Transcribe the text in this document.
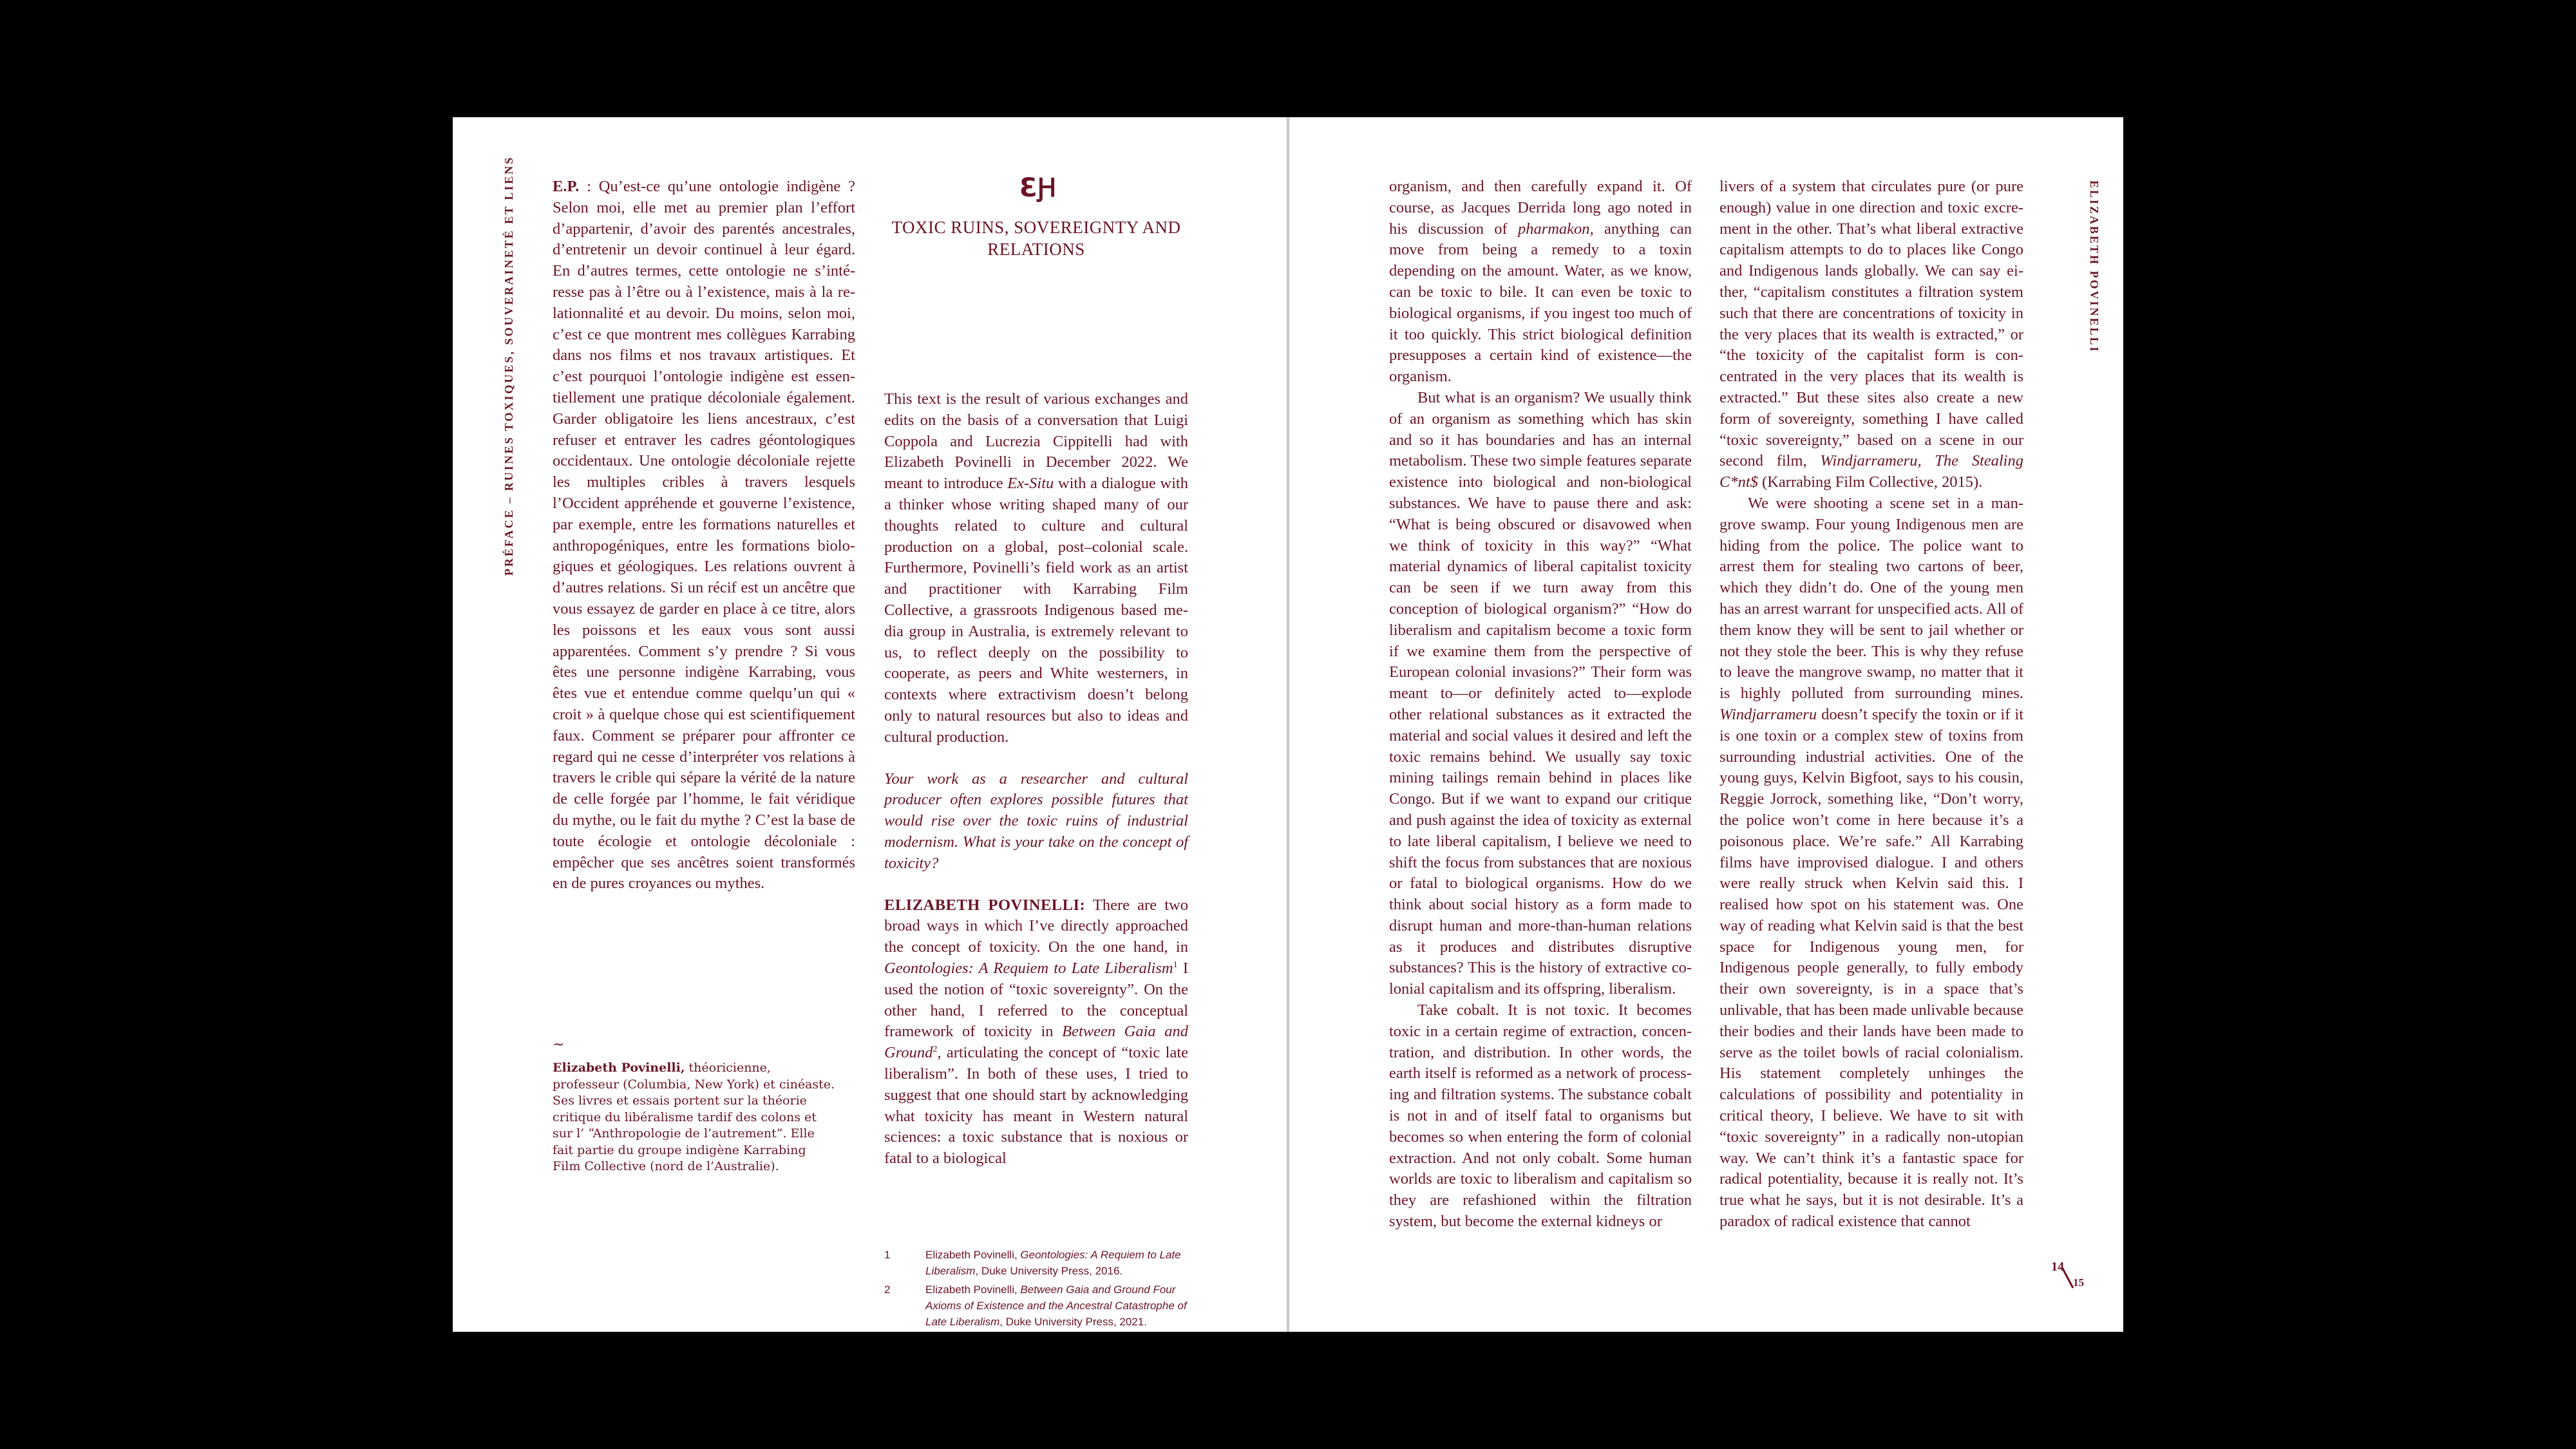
PRÉFACE – RUINES TOXIQUES, SOUVERAINETÉ ET LIENS E.P. : Qu’est-ce qu’une ontologie indigène ? Selon moi, elle met au premier plan l’effort d’appartenir, d’avoir des parentés ancestrales, d’entretenir un devoir continuel à leur égard. En d’autres termes, cette ontologie ne s’intéresse pas à l’être ou à l’existence, mais à la relationnalité et au devoir. Du moins, selon moi, c’est ce que montrent mes collègues Karrabing dans nos films et nos travaux artistiques. Et c’est pourquoi l’ontologie indigène est essentiellement une pratique décoloniale également. Garder obligatoire les liens ancestraux, c’est refuser et entraver les cadres géontologiques occidentaux. Une ontologie décoloniale rejette les multiples cribles à travers lesquels l’Occident appréhende et gouverne l’existence, par exemple, entre les formations naturelles et anthropogéniques, entre les formations biologiques et géologiques. Les relations ouvrent à d’autres relations. Si un récif est un ancêtre que vous essayez de garder en place à ce titre, alors les poissons et les eaux vous sont aussi apparentées. Comment s’y prendre ? Si vous êtes une personne indigène Karrabing, vous êtes vue et entendue comme quelqu’un qui « croit » à quelque chose qui est scientifiquement faux. Comment se préparer pour affronter ce regard qui ne cesse d’interpréter vos relations à travers le crible qui sépare la vérité de la nature de celle forgée par l’homme, le fait véridique du mythe, ou le fait du mythe ? C’est la base de toute écologie et ontologie décoloniale : empêcher que ses ancêtres soient transformés en de pures croyances ou mythes.

~
Elizabeth Povinelli, théoricienne, professeur (Columbia, New York) et cinéaste. Ses livres et essais portent sur la théorie critique du libéralisme tardif des colons et sur l’ “Anthropologie de l’autrement”. Elle fait partie du groupe indigène Karrabing Film Collective (nord de l’Australie).
ƐԨ
TOXIC RUINS, SOVEREIGNTY AND RELATIONS

This text is the result of various exchanges and edits on the basis of a conversation that Luigi Coppola and Lucrezia Cippitelli had with Elizabeth Povinelli in December 2022. We meant to introduce Ex-Situ with a dialogue with a thinker whose writing shaped many of our thoughts related to culture and cultural production on a global, post–colonial scale. Furthermore, Povinelli’s field work as an artist and practitioner with Karrabing Film Collective, a grassroots Indigenous based media group in Australia, is extremely relevant to us, to reflect deeply on the possibility to cooperate, as peers and White westerners, in contexts where extractivism doesn’t belong only to natural resources but also to ideas and cultural production.

Your work as a researcher and cultural producer often explores possible futures that would rise over the toxic ruins of industrial modernism. What is your take on the concept of toxicity?

ELIZABETH POVINELLI: There are two broad ways in which I’ve directly approached the concept of toxicity. On the one hand, in Geontologies: A Requiem to Late Liberalism$^1$ I used the notion of “toxic sovereignty”. On the other hand, I referred to the conceptual framework of toxicity in Between Gaia and Ground$^2$, articulating the concept of “toxic late liberalism”. In both of these uses, I tried to suggest that one should start by acknowledging what toxicity has meant in Western natural sciences: a toxic substance that is noxious or fatal to a biological

1	Elizabeth Povinelli, Geontologies: A Requiem to Late Liberalism, Duke University Press, 2016.
2	Elizabeth Povinelli, Between Gaia and Ground Four Axioms of Existence and the Ancestral Catastrophe of Late Liberalism, Duke University Press, 2021.
ELIZABETH POVINELLI

organism, and then carefully expand it. Of course, as Jacques Derrida long ago noted in his discussion of pharmakon, anything can move from being a remedy to a toxin depending on the amount. Water, as we know, can be toxic to bile. It can even be toxic to biological organisms, if you ingest too much of it too quickly. This strict biological definition presupposes a certain kind of existence—the organism.

But what is an organism? We usually think of an organism as something which has skin and so it has boundaries and has an internal metabolism. These two simple features separate existence into biological and non-biological substances. We have to pause there and ask: “What is being obscured or disavowed when we think of toxicity in this way?” “What material dynamics of liberal capitalist toxicity can be seen if we turn away from this conception of biological organism?” “How do liberalism and capitalism become a toxic form if we examine them from the perspective of European colonial invasions?” Their form was meant to—or definitely acted to—explode other relational substances as it extracted the material and social values it desired and left the toxic remains behind. We usually say toxic mining tailings remain behind in places like Congo. But if we want to expand our critique and push against the idea of toxicity as external to late liberal capitalism, I believe we need to shift the focus from substances that are noxious or fatal to biological organisms. How do we think about social history as a form made to disrupt human and more-than-human relations as it produces and distributes disruptive substances? This is the history of extractive colonial capitalism and its offspring, liberalism.

Take cobalt. It is not toxic. It becomes toxic in a certain regime of extraction, concentration, and distribution. In other words, the earth itself is reformed as a network of processing and filtration systems. The substance cobalt is not in and of itself fatal to organisms but becomes so when entering the form of colonial extraction. And not only cobalt. Some human worlds are toxic to liberalism and capitalism so they are refashioned within the filtration system, but become the external kidneys or

livers of a system that circulates pure (or pure enough) value in one direction and toxic excrement in the other. That’s what liberal extractive capitalism attempts to do to places like Congo and Indigenous lands globally. We can say either, “capitalism constitutes a filtration system such that there are concentrations of toxicity in the very places that its wealth is extracted,” or “the toxicity of the capitalist form is concentrated in the very places that its wealth is extracted.” But these sites also create a new form of sovereignty, something I have called “toxic sovereignty,” based on a scene in our second film, Windjarrameru, The Stealing C*nt$ (Karrabing Film Collective, 2015).

We were shooting a scene set in a mangrove swamp. Four young Indigenous men are hiding from the police. The police want to arrest them for stealing two cartons of beer, which they didn’t do. One of the young men has an arrest warrant for unspecified acts. All of them know they will be sent to jail whether or not they stole the beer. This is why they refuse to leave the mangrove swamp, no matter that it is highly polluted from surrounding mines. Windjarrameru doesn’t specify the toxin or if it is one toxin or a complex stew of toxins from surrounding industrial activities. One of the young guys, Kelvin Bigfoot, says to his cousin, Reggie Jorrock, something like, “Don’t worry, the police won’t come in here because it’s a poisonous place. We’re safe.” All Karrabing films have improvised dialogue. I and others were really struck when Kelvin said this. I realised how spot on his statement was. One way of reading what Kelvin said is that the best space for Indigenous young men, for Indigenous people generally, to fully embody their own sovereignty, is in a space that’s unlivable, that has been made unlivable because their bodies and their lands have been made to serve as the toilet bowls of racial colonialism. His statement completely unhinges the calculations of possibility and potentiality in critical theory, I believe. We have to sit with “toxic sovereignty” in a radically non-utopian way. We can’t think it’s a fantastic space for radical potentiality, because it is really not. It’s true what he says, but it is not desirable. It’s a paradox of radical existence that cannot

14
15
